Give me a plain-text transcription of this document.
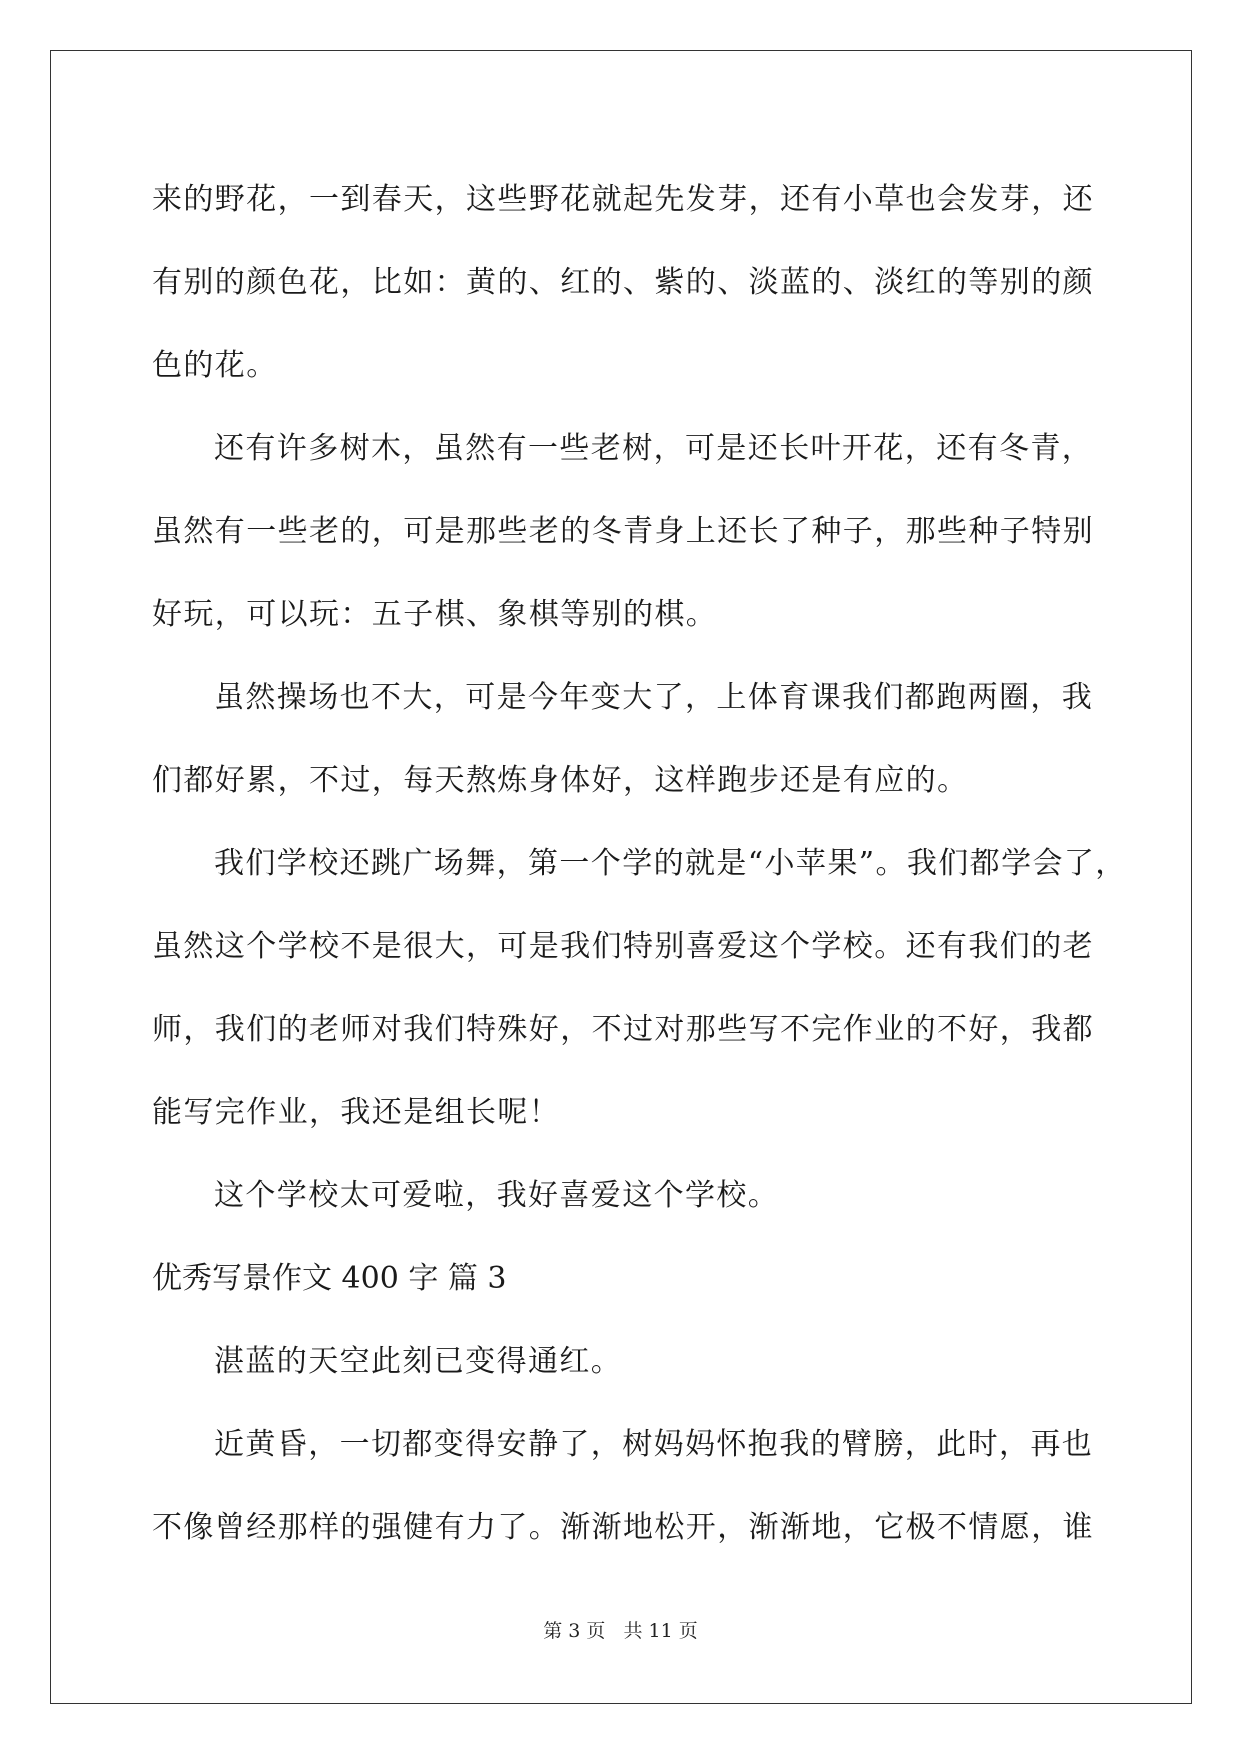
来的野花，一到春天，这些野花就起先发芽，还有小草也会发芽，还
有别的颜色花，比如：黄的、红的、紫的、淡蓝的、淡红的等别的颜
色的花。
还有许多树木，虽然有一些老树，可是还长叶开花，还有冬青，
虽然有一些老的，可是那些老的冬青身上还长了种子，那些种子特别
好玩，可以玩：五子棋、象棋等别的棋。
虽然操场也不大，可是今年变大了，上体育课我们都跑两圈，我
们都好累，不过，每天熬炼身体好，这样跑步还是有应的。
我们学校还跳广场舞，第一个学的就是“小苹果”。我们都学会了，
虽然这个学校不是很大，可是我们特别喜爱这个学校。还有我们的老
师，我们的老师对我们特殊好，不过对那些写不完作业的不好，我都
能写完作业，我还是组长呢！
这个学校太可爱啦，我好喜爱这个学校。
优秀写景作文 400 字 篇 3
湛蓝的天空此刻已变得通红。
近黄昏，一切都变得安静了，树妈妈怀抱我的臂膀，此时，再也
不像曾经那样的强健有力了。渐渐地松开，渐渐地，它极不情愿，谁
第 3 页   共 11 页
